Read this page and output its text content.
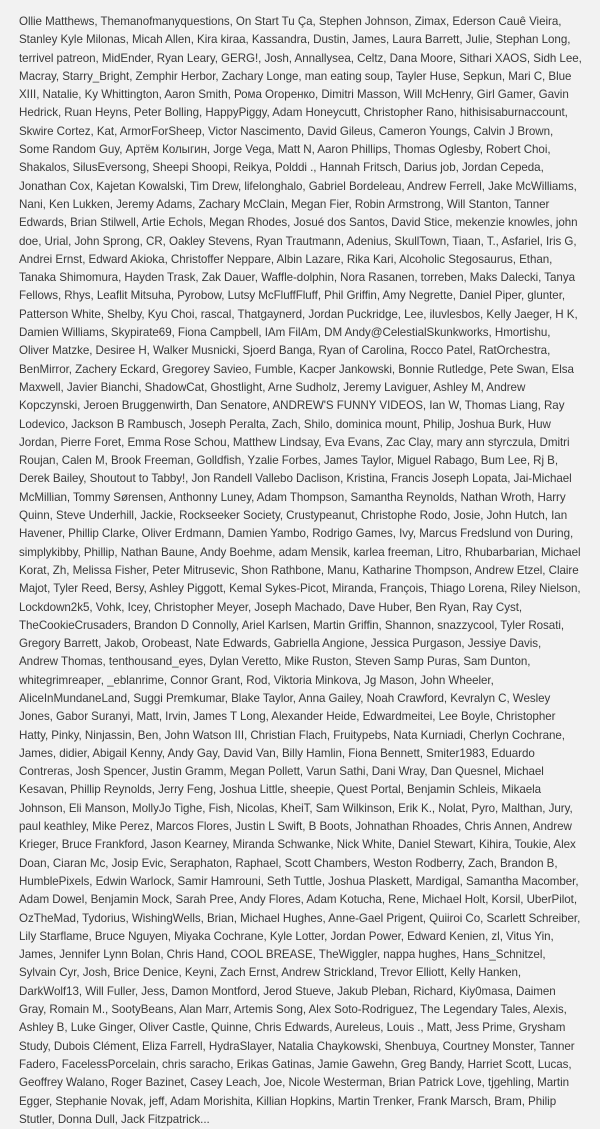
Ollie Matthews, Themanofmanyquestions, On Start Tu Ça, Stephen Johnson, Zimax, Ederson Cauê Vieira, Stanley Kyle Milonas, Micah Allen, Kira kiraa, Kassandra, Dustin, James, Laura Barrett, Julie, Stephan Long, terrivel patreon, MidEnder, Ryan Leary, GERG!, Josh, Annallysea, Celtz, Dana Moore, Sithari XAOS, Sidh Lee, Macray, Starry_Bright, Zemphir Herbor, Zachary Longe, man eating soup, Tayler Huse, Sepkun, Mari C, Blue XIII, Natalie, Ky Whittington, Aaron Smith, Рома Огоренко, Dimitri Masson, Will McHenry, Girl Gamer, Gavin Hedrick, Ruan Heyns, Peter Bolling, HappyPiggy, Adam Honeycutt, Christopher Rano, hithisisaburnaccount, Skwire Cortez, Kat, ArmorForSheep, Victor Nascimento, David Gileus, Cameron Youngs, Calvin J Brown, Some Random Guy, Артём Колыгин, Jorge Vega, Matt N, Aaron Phillips, Thomas Oglesby, Robert Choi, Shakalos, SilusEversong, Sheepi Shoopi, Reikya, Polddi ., Hannah Fritsch, Darius job, Jordan Cepeda, Jonathan Cox, Kajetan Kowalski, Tim Drew, lifelonghalo, Gabriel Bordeleau, Andrew Ferrell, Jake McWilliams, Nani, Ken Lukken, Jeremy Adams, Zachary McClain, Megan Fier, Robin Armstrong, Will Stanton, Tanner Edwards, Brian Stilwell, Artie Echols, Megan Rhodes, Josué dos Santos, David Stice, mekenzie knowles, john doe, Urial, John Sprong, CR, Oakley Stevens, Ryan Trautmann, Adenius, SkullTown, Tiaan, T., Asfariel, Iris G, Andrei Ernst, Edward Akioka, Christoffer Neppare, Albin Lazare, Rika Kari, Alcoholic Stegosaurus, Ethan, Tanaka Shimomura, Hayden Trask, Zak Dauer, Waffle-dolphin, Nora Rasanen, torreben, Maks Dalecki, Tanya Fellows, Rhys, Leaflit Mitsuha, Pyrobow, Lutsy McFluffFluff, Phil Griffin, Amy Negrette, Daniel Piper, glunter, Patterson White, Shelby, Kyu Choi, rascal, Thatgaynerd, Jordan Puckridge, Lee, iluvlesbos, Kelly Jaeger, H K, Damien Williams, Skypirate69, Fiona Campbell, IAm FilAm, DM Andy@CelestialSkunkworks, Hmortishu, Oliver Matzke, Desiree H, Walker Musnicki, Sjoerd Banga, Ryan of Carolina, Rocco Patel, RatOrchestra, BenMirror, Zachery Eckard, Gregorey Savieo, Fumble, Kacper Jankowski, Bonnie Rutledge, Pete Swan, Elsa Maxwell, Javier Bianchi, ShadowCat, Ghostlight, Arne Sudholz, Jeremy Laviguer, Ashley M, Andrew Kopczynski, Jeroen Bruggenwirth, Dan Senatore, ANDREW'S FUNNY VIDEOS, Ian W, Thomas Liang, Ray Lodevico, Jackson B Rambusch, Joseph Peralta, Zach, Shilo, dominica mount, Philip, Joshua Burk, Huw Jordan, Pierre Foret, Emma Rose Schou, Matthew Lindsay, Eva Evans, Zac Clay, mary ann styrczula, Dmitri Roujan, Calen M, Brook Freeman, Golldfish, Yzalie Forbes, James Taylor, Miguel Rabago, Bum Lee, Rj B, Derek Bailey, Shoutout to Tabby!, Jon Randell Vallebo Daclison, Kristina, Francis Joseph Lopata, Jai-Michael McMillian, Tommy Sørensen, Anthonny Luney, Adam Thompson, Samantha Reynolds, Nathan Wroth, Harry Quinn, Steve Underhill, Jackie, Rockseeker Society, Crustypeanut, Christophe Rodo, Josie, John Hutch, Ian Havener, Phillip Clarke, Oliver Erdmann, Damien Yambo, Rodrigo Games, Ivy, Marcus Fredslund von During, simplykibby, Phillip, Nathan Baune, Andy Boehme, adam Mensik, karlea freeman, Litro, Rhubarbarian, Michael Korat, Zh, Melissa Fisher, Peter Mitrusevic, Shon Rathbone, Manu, Katharine Thompson, Andrew Etzel, Claire Majot, Tyler Reed, Bersy, Ashley Piggott, Kemal Sykes-Picot, Miranda, François, Thiago Lorena, Riley Nielson, Lockdown2k5, Vohk, Icey, Christopher Meyer, Joseph Machado, Dave Huber, Ben Ryan, Ray Cyst, TheCookieCrusaders, Brandon D Connolly, Ariel Karlsen, Martin Griffin, Shannon, snazzycool, Tyler Rosati, Gregory Barrett, Jakob, Orobeast, Nate Edwards, Gabriella Angione, Jessica Purgason, Jessiye Davis, Andrew Thomas, tenthousand_eyes, Dylan Veretto, Mike Ruston, Steven Samp Puras, Sam Dunton, whitegrimreaper, _eblanrime, Connor Grant, Rod, Viktoria Minkova, Jg Mason, John Wheeler, AliceInMundaneLand, Suggi Premkumar, Blake Taylor, Anna Gailey, Noah Crawford, Kevralyn C, Wesley Jones, Gabor Suranyi, Matt, Irvin, James T Long, Alexander Heide, Edwardmeitei, Lee Boyle, Christopher Hatty, Pinky, Ninjassin, Ben, John Watson III, Christian Flach, Fruitypebs, Nata Kurniadi, Cherlyn Cochrane, James, didier, Abigail Kenny, Andy Gay, David Van, Billy Hamlin, Fiona Bennett, Smiter1983, Eduardo Contreras, Josh Spencer, Justin Gramm, Megan Pollett, Varun Sathi, Dani Wray, Dan Quesnel, Michael Kesavan, Phillip Reynolds, Jerry Feng, Joshua Little, sheepie, Quest Portal, Benjamin Schleis, Mikaela Johnson, Eli Manson, MollyJo Tighe, Fish, Nicolas, KheiT, Sam Wilkinson, Erik K., Nolat, Pyro, Malthan, Jury, paul keathley, Mike Perez, Marcos Flores, Justin L Swift, B Boots, Johnathan Rhoades, Chris Annen, Andrew Krieger, Bruce Frankford, Jason Kearney, Miranda Schwanke, Nick White, Daniel Stewart, Kihira, Toukie, Alex Doan, Ciaran Mc, Josip Evic, Seraphaton, Raphael, Scott Chambers, Weston Rodberry, Zach, Brandon B, HumblePixels, Edwin Warlock, Samir Hamrouni, Seth Tuttle, Joshua Plaskett, Mardigal, Samantha Macomber, Adam Dowel, Benjamin Mock, Sarah Pree, Andy Flores, Adam Kotucha, Rene, Michael Holt, Korsil, UberPilot, OzTheMad, Tydorius, WishingWells, Brian, Michael Hughes, Anne-Gael Prigent, Quiiroi Co, Scarlett Schreiber, Lily Starflame, Bruce Nguyen, Miyaka Cochrane, Kyle Lotter, Jordan Power, Edward Kenien, zl, Vitus Yin, James, Jennifer Lynn Bolan, Chris Hand, COOL BREASE, TheWiggler, nappa hughes, Hans_Schnitzel, Sylvain Cyr, Josh, Brice Denice, Keyni, Zach Ernst, Andrew Strickland, Trevor Elliott, Kelly Hanken, DarkWolf13, Will Fuller, Jess, Damon Montford, Jerod Stueve, Jakub Pleban, Richard, Kiy0masa, Daimen Gray, Romain M., SootyBeans, Alan Marr, Artemis Song, Alex Soto-Rodriguez, The Legendary Tales, Alexis, Ashley B, Luke Ginger, Oliver Castle, Quinne, Chris Edwards, Aureleus, Louis ., Matt, Jess Prime, Grysham Study, Dubois Clément, Eliza Farrell, HydraSlayer, Natalia Chaykowski, Shenbuya, Courtney Monster, Tanner Fadero, FacelessPorcelain, chris saracho, Erikas Gatinas, Jamie Gawehn, Greg Bandy, Harriet Scott, Lucas, Geoffrey Walano, Roger Bazinet, Casey Leach, Joe, Nicole Westerman, Brian Patrick Love, tjgehling, Martin Egger, Stephanie Novak, jeff, Adam Morishita, Killian Hopkins, Martin Trenker, Frank Marsch, Bram, Philip Stutler, Donna Dull, Jack Fitzpatrick...
